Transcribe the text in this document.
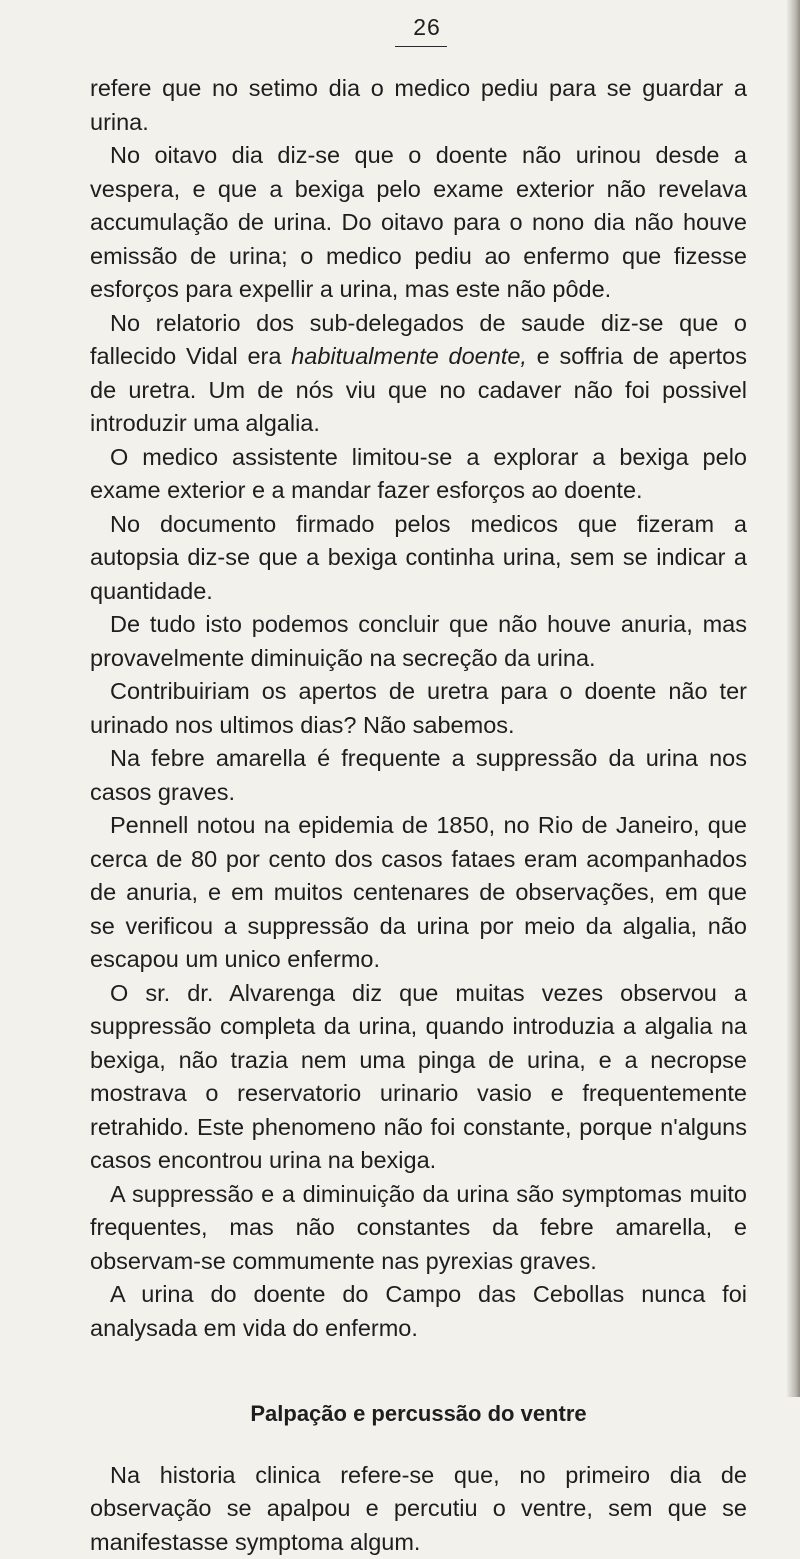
26

refere que no setimo dia o medico pediu para se guardar a urina.

No oitavo dia diz-se que o doente não urinou desde a vespera, e que a bexiga pelo exame exterior não revelava accumulação de urina. Do oitavo para o nono dia não houve emissão de urina; o medico pediu ao enfermo que fizesse esforços para expellir a urina, mas este não pôde.

No relatorio dos sub-delegados de saude diz-se que o fallecido Vidal era habitualmente doente, e soffria de apertos de uretra. Um de nós viu que no cadaver não foi possivel introduzir uma algalia.

O medico assistente limitou-se a explorar a bexiga pelo exame exterior e a mandar fazer esforços ao doente.

No documento firmado pelos medicos que fizeram a autopsia diz-se que a bexiga continha urina, sem se indicar a quantidade.

De tudo isto podemos concluir que não houve anuria, mas provavelmente diminuição na secreção da urina.

Contribuiriam os apertos de uretra para o doente não ter urinado nos ultimos dias? Não sabemos.

Na febre amarella é frequente a suppressão da urina nos casos graves.

Pennell notou na epidemia de 1850, no Rio de Janeiro, que cerca de 80 por cento dos casos fataes eram acompanhados de anuria, e em muitos centenares de observações, em que se verificou a suppressão da urina por meio da algalia, não escapou um unico enfermo.

O sr. dr. Alvarenga diz que muitas vezes observou a suppressão completa da urina, quando introduzia a algalia na bexiga, não trazia nem uma pinga de urina, e a necropse mostrava o reservatorio urinario vasio e frequentemente retrahido. Este phenomeno não foi constante, porque n'alguns casos encontrou urina na bexiga.

A suppressão e a diminuição da urina são symptomas muito frequentes, mas não constantes da febre amarella, e observam-se commumente nas pyrexias graves.

A urina do doente do Campo das Cebollas nunca foi analysada em vida do enfermo.

Palpação e percussão do ventre

Na historia clinica refere-se que, no primeiro dia de observação se apalpou e percutiu o ventre, sem que se manifestasse symptoma algum.
